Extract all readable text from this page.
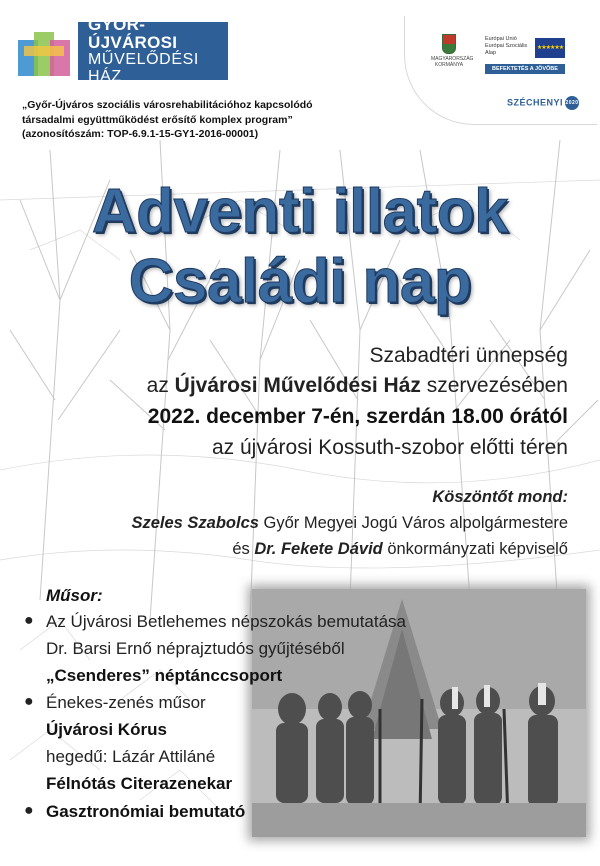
GYŐR-ÚJVÁROSI
MŰVELŐDÉSI HÁZ
MAGYARORSZÁG KORMÁNYA
Európai Unió
Európai Szociális
Alap
★★★★★★
BEFEKTETÉS A JÖVŐBE
SZÉCHENYI 2020
„Győr-Újváros szociális városrehabilitációhoz kapcsolódó
társadalmi együttműködést erősítő komplex program”
(azonosítószám: TOP-6.9.1-15-GY1-2016-00001)
Adventi illatok
Családi nap
Szabadtéri ünnepség
az Újvárosi Művelődési Ház szervezésében
2022. december 7-én, szerdán 18.00 órától
az újvárosi Kossuth-szobor előtti téren
Köszöntőt mond:
Szeles Szabolcs Győr Megyei Jogú Város alpolgármestere
és Dr. Fekete Dávid önkormányzati képviselő
Műsor:
● Az Újvárosi Betlehemes népszokás bemutatása
Dr. Barsi Ernő néprajztudós gyűjtéséből
„Csenderes” néptánccsoport
● Énekes-zenés műsor
Újvárosi Kórus
hegedű: Lázár Attiláné
Félnótás Citerazenekar
● Gasztronómiai bemutató
